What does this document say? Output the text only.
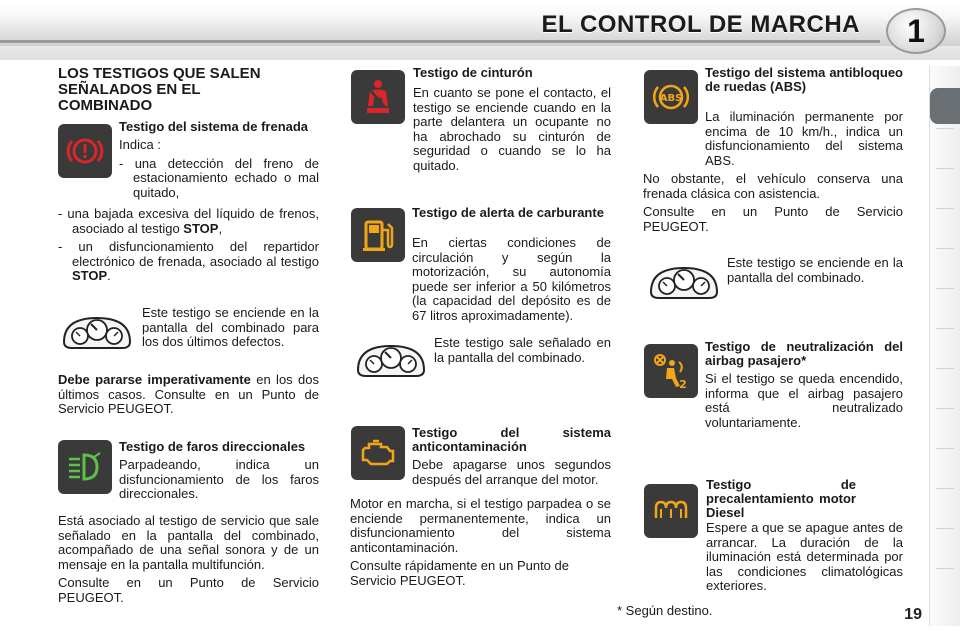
EL CONTROL DE MARCHA	1
LOS TESTIGOS QUE SALEN SEÑALADOS EN EL COMBINADO
Testigo del sistema de frenada

Indica :

- una detección del freno de estacionamiento echado o mal quitado,

- una bajada excesiva del líquido de frenos, asociado al testigo STOP,

- un disfuncionamiento del repartidor electrónico de frenada, asociado al testigo STOP.

Este testigo se enciende en la pantalla del combinado para los dos últimos defectos.

Debe pararse imperativamente en los dos últimos casos. Consulte en un Punto de Servicio PEUGEOT.

Testigo de faros direccionales

Parpadeando, indica un disfuncionamiento de los faros direccionales.

Está asociado al testigo de servicio que sale señalado en la pantalla del combinado, acompañado de una señal sonora y de un mensaje en la pantalla multifunción.

Consulte en un Punto de Servicio PEUGEOT.

Testigo de cinturón

En cuanto se pone el contacto, el testigo se enciende cuando en la parte delantera un ocupante no ha abrochado su cinturón de seguridad o cuando se lo ha quitado.

Testigo de alerta de carburante

En ciertas condiciones de circulación y según la motorización, su autonomía puede ser inferior a 50 kilómetros (la capacidad del depósito es de 67 litros aproximadamente).

Este testigo sale señalado en la pantalla del combinado.

Testigo del sistema anticontaminación

Debe apagarse unos segundos después del arranque del motor.

Motor en marcha, si el testigo parpadea o se enciende permanentemente, indica un disfuncionamiento del sistema anticontaminación.

Consulte rápidamente en un Punto de Servicio PEUGEOT.

ABS
Testigo del sistema antibloqueo de ruedas (ABS)

La iluminación permanente por encima de 10 km/h., indica un disfuncionamiento del sistema ABS.

No obstante, el vehículo conserva una frenada clásica con asistencia.

Consulte en un Punto de Servicio PEUGEOT.

Este testigo se enciende en la pantalla del combinado.

2
Testigo de neutralización del airbag pasajero*

Si el testigo se queda encendido, informa que el airbag pasajero está neutralizado voluntariamente.

Testigo de precalentamiento motor Diesel

Espere a que se apague antes de arrancar. La duración de la iluminación está determinada por las condiciones climatológicas exteriores.

* Según destino.	19
